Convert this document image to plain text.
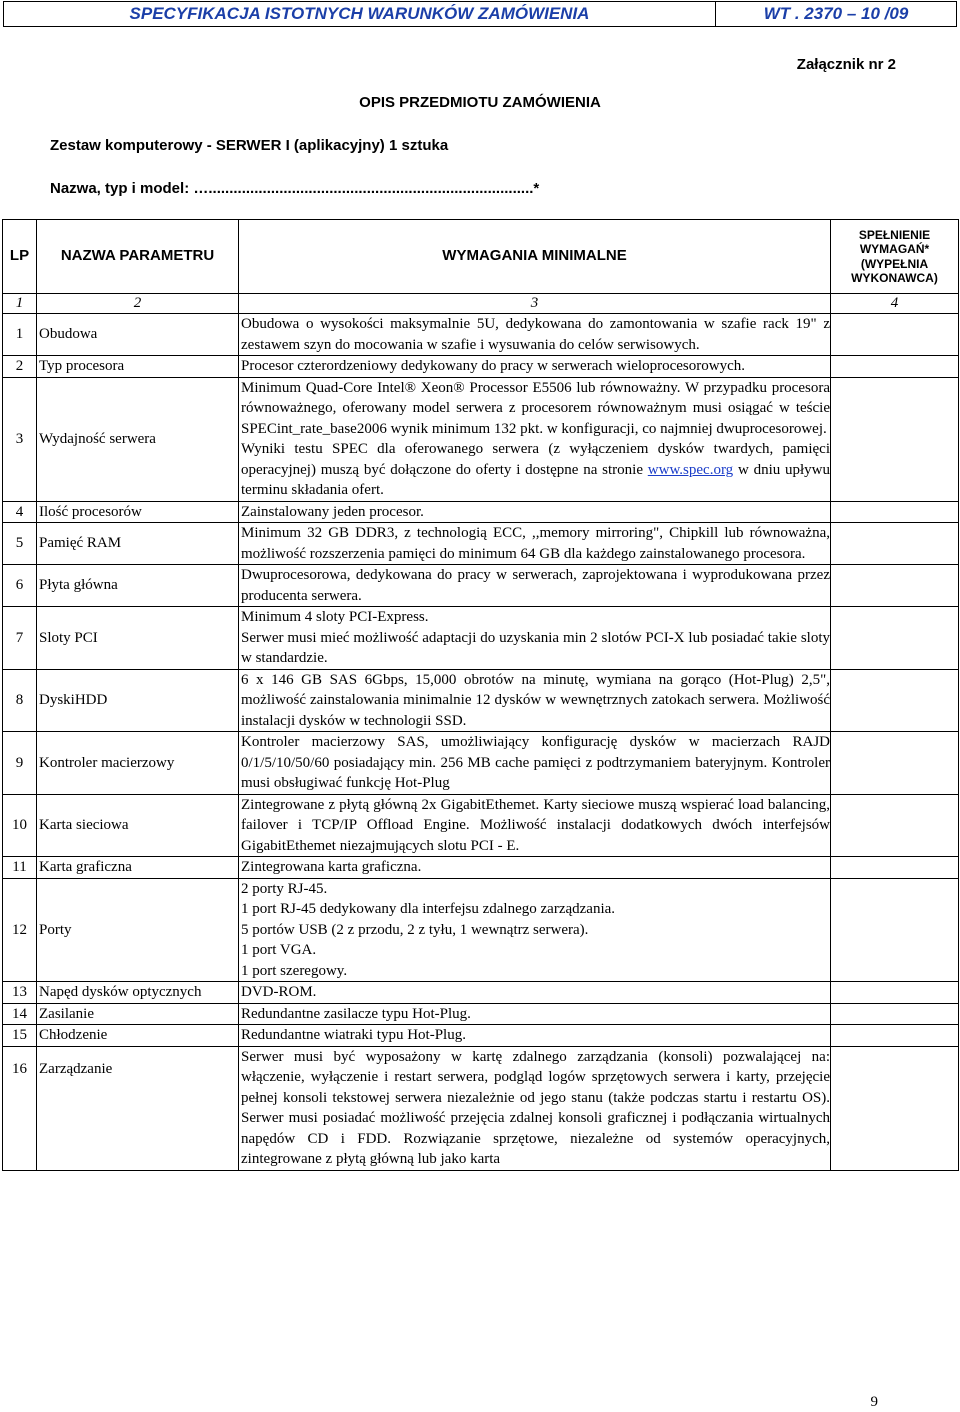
SPECYFIKACJA ISTOTNYCH WARUNKÓW ZAMÓWIENIA	WT . 2370 – 10 /09
Załącznik nr 2
OPIS PRZEDMIOTU ZAMÓWIENIA
Zestaw komputerowy - SERWER I (aplikacyjny) 1 sztuka
Nazwa, typ i model: …..............................................................................*
LP	NAZWA PARAMETRU	WYMAGANIA MINIMALNE	SPEŁNIENIE WYMAGAŃ* (WYPEŁNIA WYKONAWCA)
1	2	3	4
1	Obudowa	Obudowa o wysokości maksymalnie 5U, dedykowana do zamontowania w szafie rack 19" z zestawem szyn do mocowania w szafie i wysuwania do celów serwisowych.	
2	Typ procesora	Procesor czterordzeniowy dedykowany do pracy w serwerach wieloprocesorowych.	
3	Wydajność serwera	Minimum Quad-Core Intel® Xeon® Processor E5506 lub równoważny. W przypadku procesora równoważnego, oferowany model serwera z procesorem równoważnym musi osiągać w teście SPECint_rate_base2006 wynik minimum 132 pkt. w konfiguracji, co najmniej dwuprocesorowej.
Wyniki testu SPEC dla oferowanego serwera (z wyłączeniem dysków twardych, pamięci operacyjnej) muszą być dołączone do oferty i dostępne na stronie www.spec.org w dniu upływu terminu składania ofert.	

4	Ilość procesorów	Zainstalowany jeden procesor.	
5	Pamięć RAM	Minimum 32 GB DDR3, z technologią ECC, ,,memory mirroring", Chipkill lub równoważna, możliwość rozszerzenia pamięci do minimum 64 GB dla każdego zainstalowanego procesora.	
6	Płyta główna	Dwuprocesorowa, dedykowana do pracy w serwerach, zaprojektowana i wyprodukowana przez producenta serwera.	
7	Sloty PCI	Minimum 4 sloty PCI-Express.
Serwer musi mieć możliwość adaptacji do uzyskania min 2 slotów PCI-X lub posiadać takie sloty w standardzie.	

8	DyskiHDD	6 x 146 GB SAS 6Gbps, 15,000 obrotów na minutę, wymiana na gorąco (Hot-Plug) 2,5", możliwość zainstalowania minimalnie 12 dysków w wewnętrznych zatokach serwera. Możliwość instalacji dysków w technologii SSD.	
9	Kontroler macierzowy	Kontroler macierzowy SAS, umożliwiający konfigurację dysków w macierzach RAJD 0/1/5/10/50/60 posiadający min. 256 MB cache pamięci z podtrzymaniem bateryjnym. Kontroler musi obsługiwać funkcję Hot-Plug	
10	Karta sieciowa	Zintegrowane z płytą główną 2x GigabitEthemet. Karty sieciowe muszą wspierać load balancing, failover i TCP/IP Offload Engine. Możliwość instalacji dodatkowych dwóch interfejsów GigabitEthemet niezajmujących slotu PCI - E.	
11	Karta graficzna	Zintegrowana karta graficzna.	
12	Porty	2 porty RJ-45.
1 port RJ-45 dedykowany dla interfejsu zdalnego zarządzania.
5 portów USB (2 z przodu, 2 z tyłu, 1 wewnątrz serwera).
1 port VGA.
1 port szeregowy.	

13	Napęd dysków optycznych	DVD-ROM.	
14	Zasilanie	Redundantne zasilacze typu Hot-Plug.	
15	Chłodzenie	Redundantne wiatraki typu Hot-Plug.	
16	Zarządzanie	Serwer musi być wyposażony w kartę zdalnego zarządzania (konsoli) pozwalającej na: włączenie, wyłączenie i restart serwera, podgląd logów sprzętowych serwera i karty, przejęcie pełnej konsoli tekstowej serwera niezależnie od jego stanu (także podczas startu i restartu OS). Serwer musi posiadać możliwość przejęcia zdalnej konsoli graficznej i podłączania wirtualnych napędów CD i FDD. Rozwiązanie sprzętowe, niezależne od systemów operacyjnych, zintegrowane z płytą główną lub jako karta	
9
